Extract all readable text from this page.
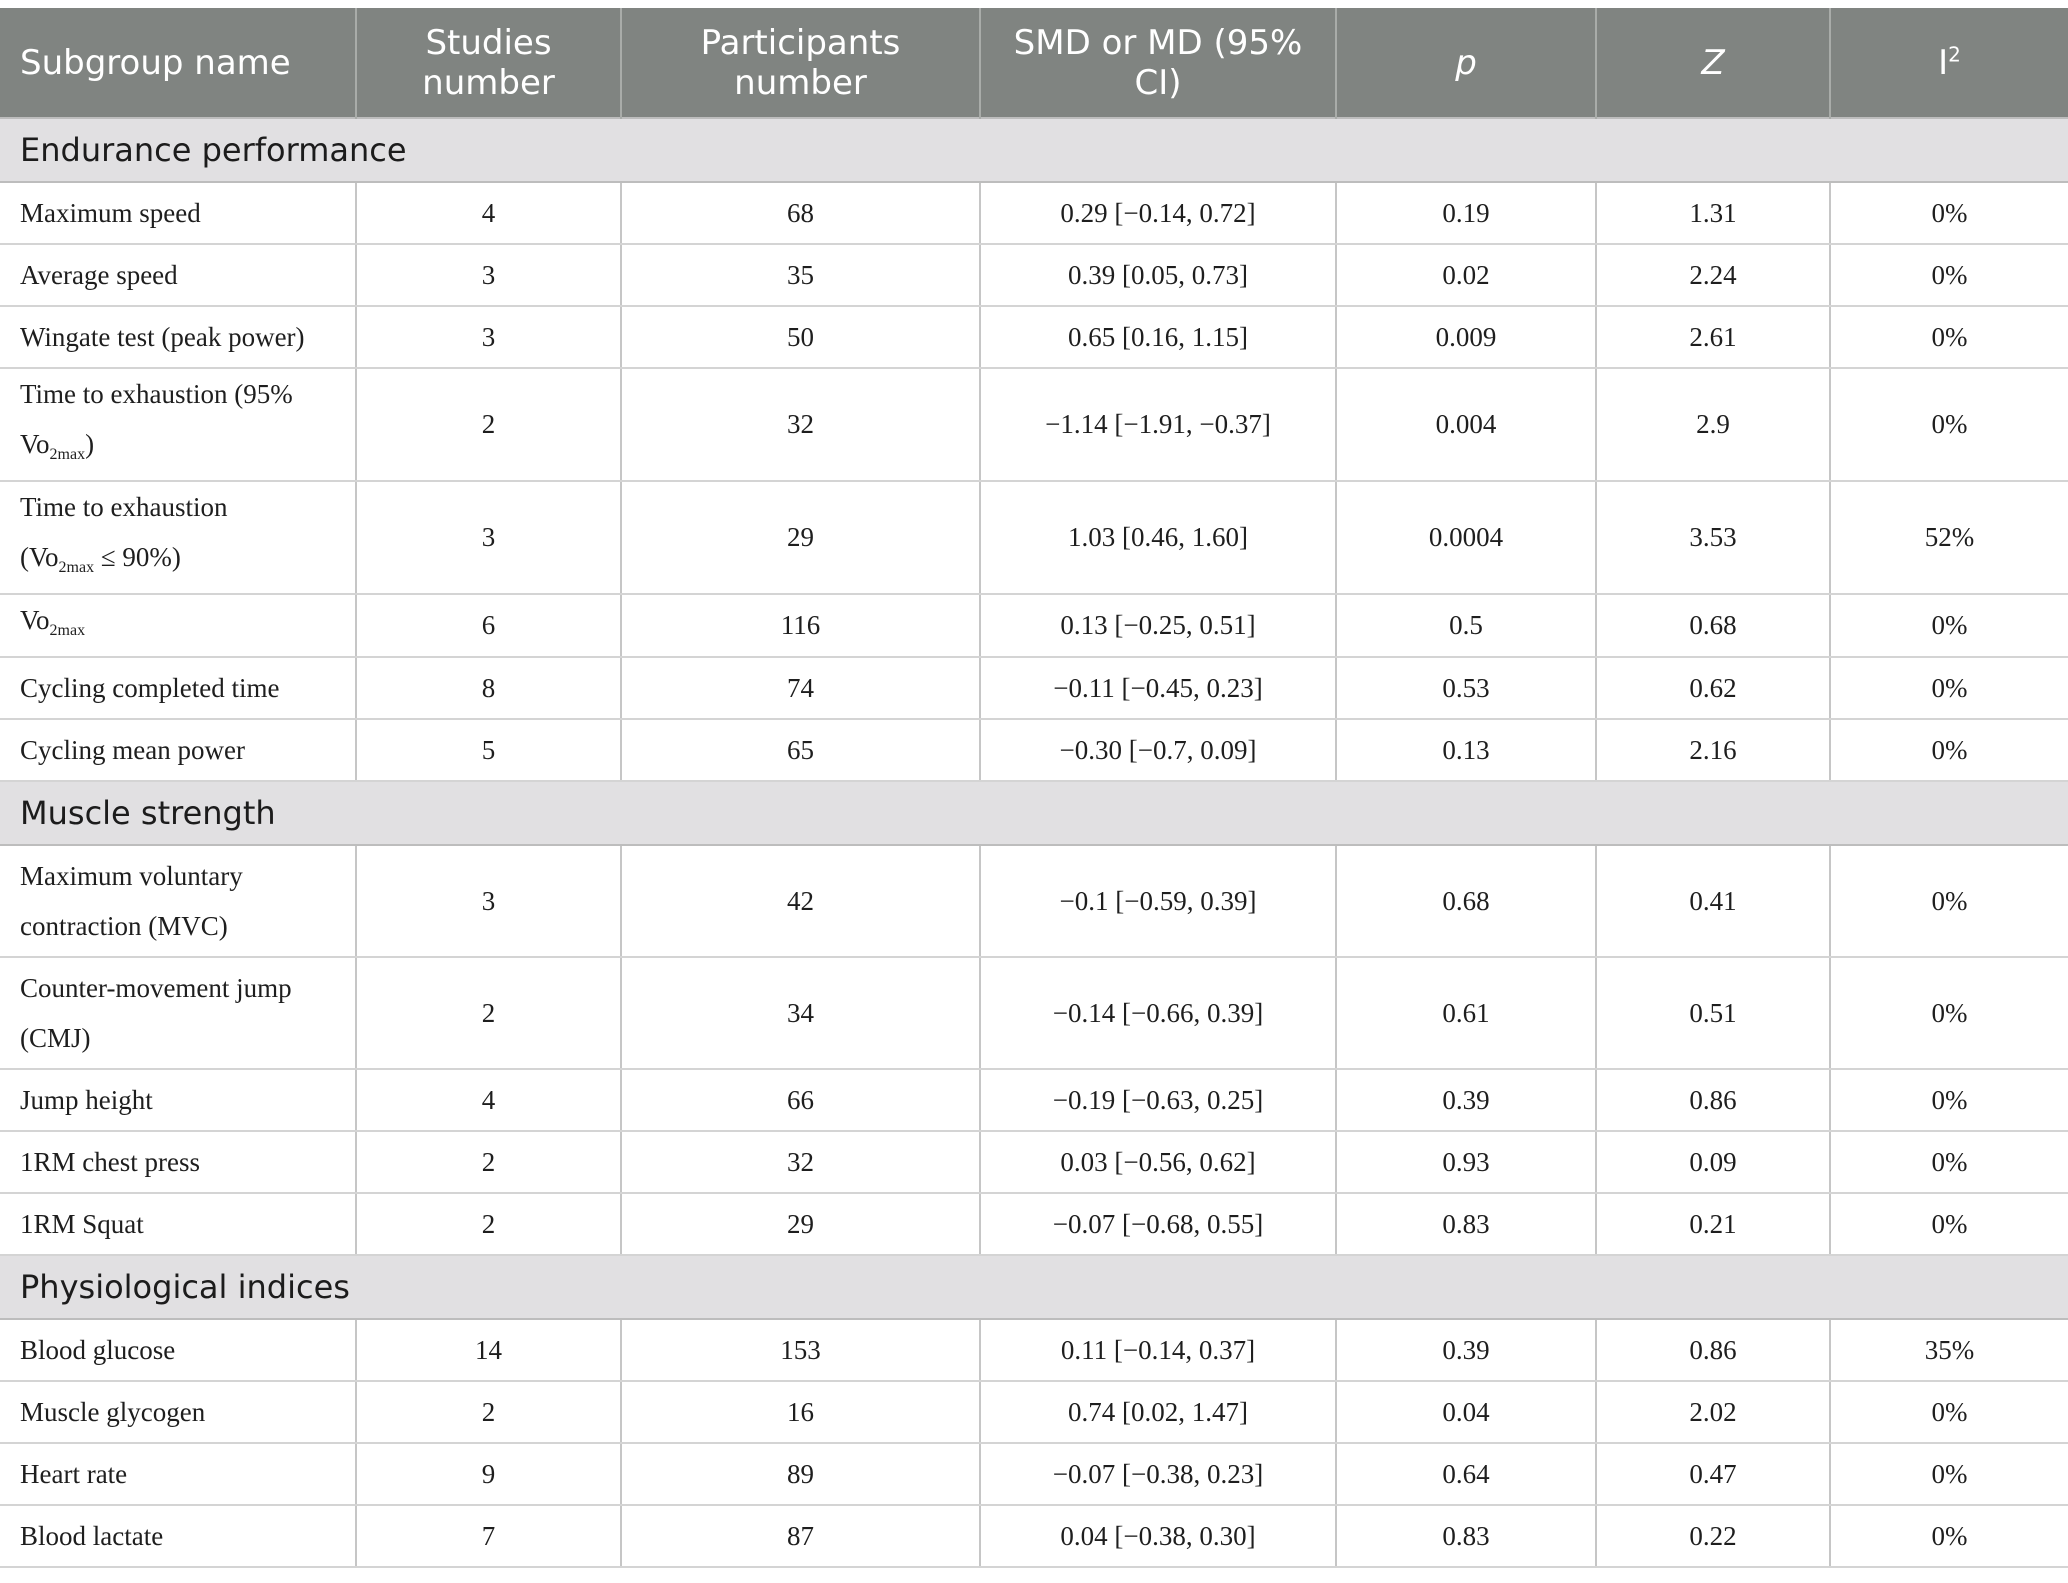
Subgroup name	Studies number	Participants number	SMD or MD (95% CI)	p	Z	$I^2$
Endurance performance						
Maximum speed	4	68	0.29 [−0.14, 0.72]	0.19	1.31	0%
Average speed	3	35	0.39 [0.05, 0.73]	0.02	2.24	0%
Wingate test (peak power)	3	50	0.65 [0.16, 1.15]	0.009	2.61	0%
Time to exhaustion (95%
$Vo_{2max}$)	2	32	−1.14 [−1.91, −0.37]	0.004	2.9	0%
Time to exhaustion
$(Vo_{2max} \le 90\%)$	3	29	1.03 [0.46, 1.60]	0.0004	3.53	52%
$Vo_{2max}$	6	116	0.13 [−0.25, 0.51]	0.5	0.68	0%
Cycling completed time	8	74	−0.11 [−0.45, 0.23]	0.53	0.62	0%
Cycling mean power	5	65	−0.30 [−0.7, 0.09]	0.13	2.16	0%
Muscle strength						
Maximum voluntary
contraction (MVC)	3	42	−0.1 [−0.59, 0.39]	0.68	0.41	0%
Counter-movement jump
(CMJ)	2	34	−0.14 [−0.66, 0.39]	0.61	0.51	0%
Jump height	4	66	−0.19 [−0.63, 0.25]	0.39	0.86	0%
1RM chest press	2	32	0.03 [−0.56, 0.62]	0.93	0.09	0%
1RM Squat	2	29	−0.07 [−0.68, 0.55]	0.83	0.21	0%
Physiological indices						
Blood glucose	14	153	0.11 [−0.14, 0.37]	0.39	0.86	35%
Muscle glycogen	2	16	0.74 [0.02, 1.47]	0.04	2.02	0%
Heart rate	9	89	−0.07 [−0.38, 0.23]	0.64	0.47	0%
Blood lactate	7	87	0.04 [−0.38, 0.30]	0.83	0.22	0%
